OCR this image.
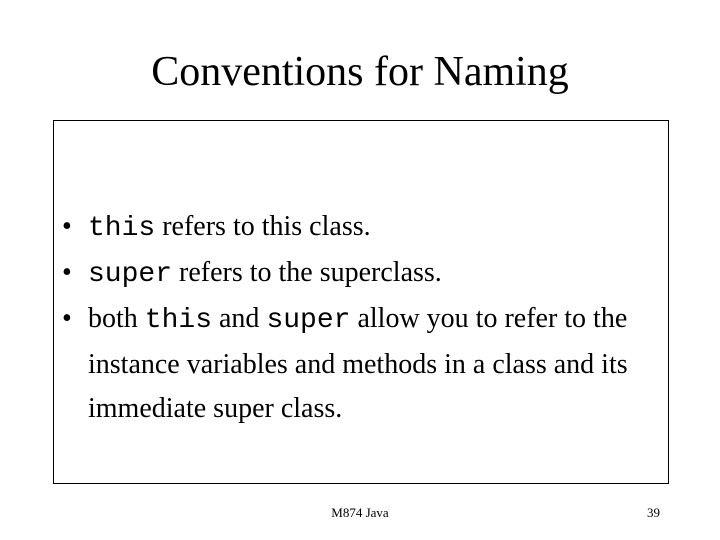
Conventions for Naming
• this refers to this class.
• super refers to the superclass.
• both this and super allow you to refer to the instance variables and methods in a class and its immediate super class.
M874 Java	39
